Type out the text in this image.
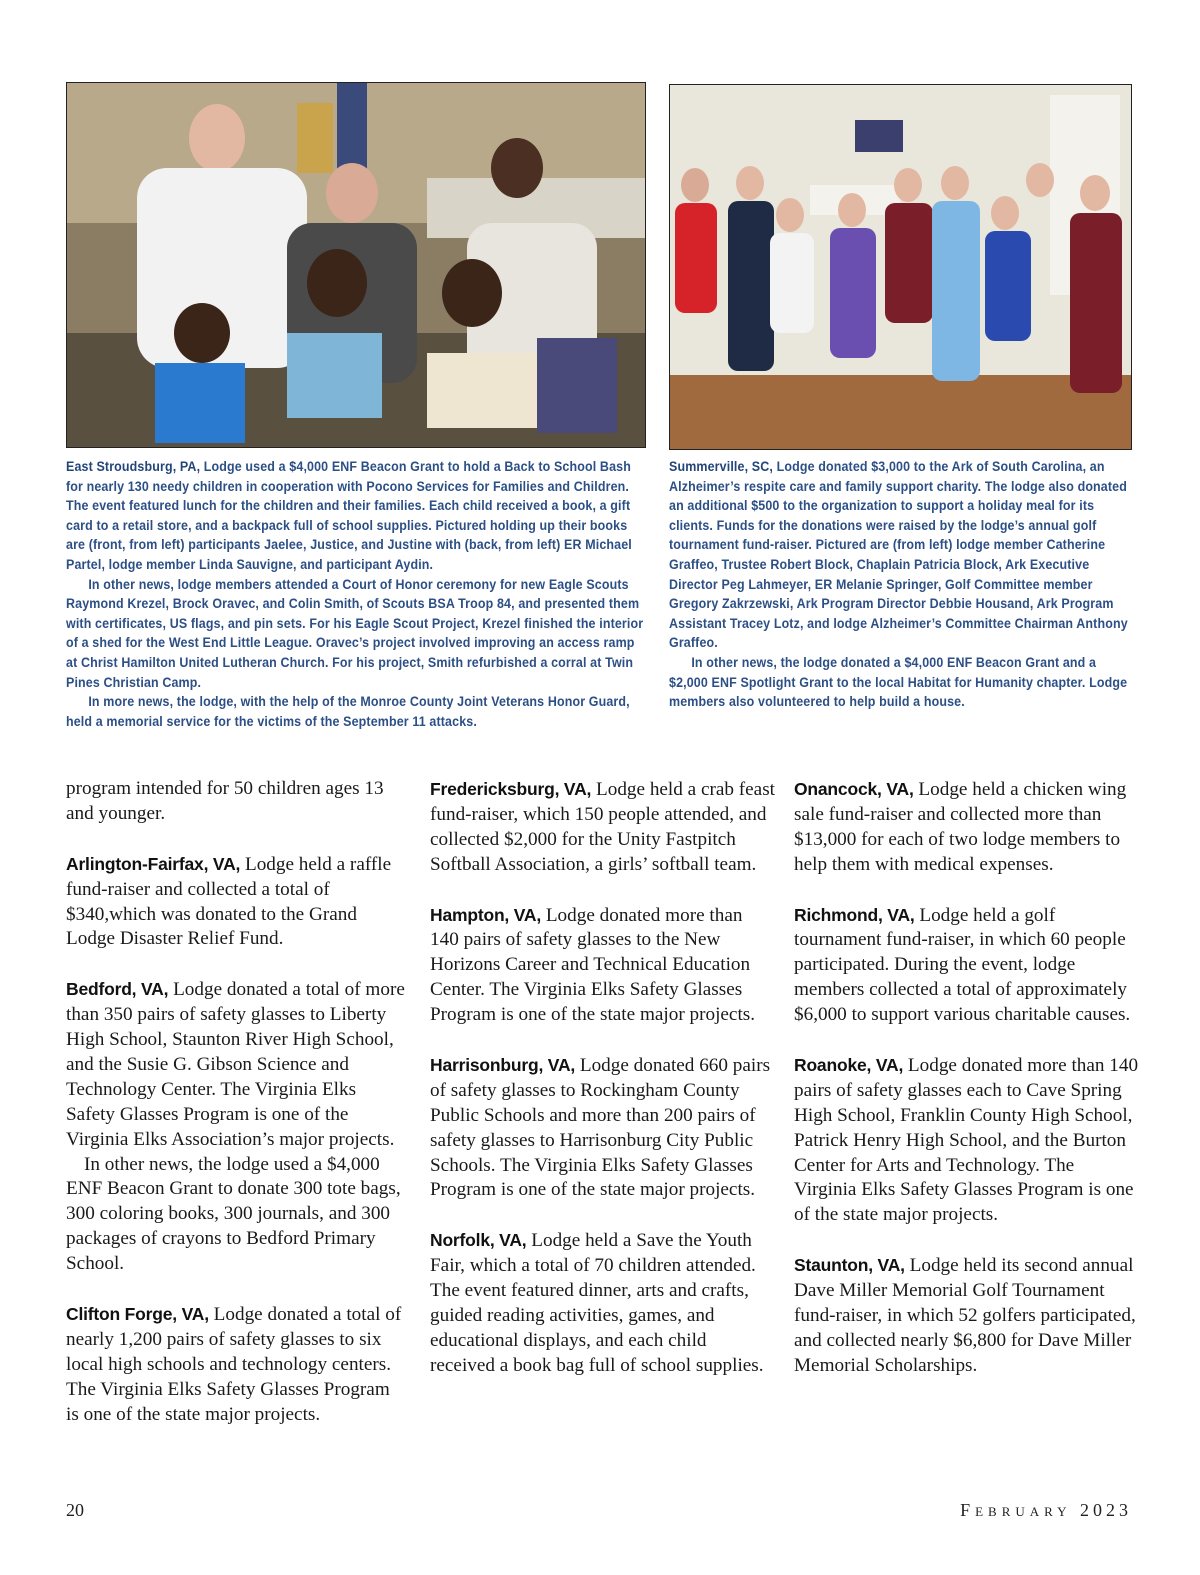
East Stroudsburg, PA, Lodge used a $4,000 ENF Beacon Grant to hold a Back to School Bash for nearly 130 needy children in cooperation with Pocono Services for Families and Children. The event featured lunch for the children and their families. Each child received a book, a gift card to a retail store, and a backpack full of school supplies. Pictured holding up their books are (front, from left) participants Jaelee, Justice, and Justine with (back, from left) ER Michael Partel, lodge member Linda Sauvigne, and participant Aydin.

In other news, lodge members attended a Court of Honor ceremony for new Eagle Scouts Raymond Krezel, Brock Oravec, and Colin Smith, of Scouts BSA Troop 84, and presented them with certificates, US flags, and pin sets. For his Eagle Scout Project, Krezel finished the interior of a shed for the West End Little League. Oravec’s project involved improving an access ramp at Christ Hamilton United Lutheran Church. For his project, Smith refurbished a corral at Twin Pines Christian Camp.

In more news, the lodge, with the help of the Monroe County Joint Veterans Honor Guard, held a memorial service for the victims of the September 11 attacks.

Summerville, SC, Lodge donated $3,000 to the Ark of South Carolina, an Alzheimer’s respite care and family support charity. The lodge also donated an additional $500 to the organization to support a holiday meal for its clients. Funds for the donations were raised by the lodge’s annual golf tournament fund-raiser. Pictured are (from left) lodge member Catherine Graffeo, Trustee Robert Block, Chaplain Patricia Block, Ark Executive Director Peg Lahmeyer, ER Melanie Springer, Golf Committee member Gregory Zakrzewski, Ark Program Director Debbie Housand, Ark Program Assistant Tracey Lotz, and lodge Alzheimer’s Committee Chairman Anthony Graffeo.

In other news, the lodge donated a $4,000 ENF Beacon Grant and a $2,000 ENF Spotlight Grant to the local Habitat for Humanity chapter. Lodge members also volunteered to help build a house.

program intended for 50 children ages 13 and younger.

Arlington-Fairfax, VA, Lodge held a raffle fund-raiser and collected a total of $340,which was donated to the Grand Lodge Disaster Relief Fund.

Bedford, VA, Lodge donated a total of more than 350 pairs of safety glasses to Liberty High School, Staunton River High School, and the Susie G. Gibson Science and Technology Center. The Virginia Elks Safety Glasses Program is one of the Virginia Elks Association’s major projects.

In other news, the lodge used a $4,000 ENF Beacon Grant to donate 300 tote bags, 300 coloring books, 300 journals, and 300 packages of crayons to Bedford Primary School.

Clifton Forge, VA, Lodge donated a total of nearly 1,200 pairs of safety glasses to six local high schools and technology centers. The Virginia Elks Safety Glasses Program is one of the state major projects.

Fredericksburg, VA, Lodge held a crab feast fund-raiser, which 150 people attended, and collected $2,000 for the Unity Fastpitch Softball Association, a girls’ softball team.

Hampton, VA, Lodge donated more than 140 pairs of safety glasses to the New Horizons Career and Technical Education Center. The Virginia Elks Safety Glasses Program is one of the state major projects.

Harrisonburg, VA, Lodge donated 660 pairs of safety glasses to Rockingham County Public Schools and more than 200 pairs of safety glasses to Harrisonburg City Public Schools. The Virginia Elks Safety Glasses Program is one of the state major projects.

Norfolk, VA, Lodge held a Save the Youth Fair, which a total of 70 children attended. The event featured dinner, arts and crafts, guided reading activities, games, and educational displays, and each child received a book bag full of school supplies.

Onancock, VA, Lodge held a chicken wing sale fund-raiser and collected more than $13,000 for each of two lodge members to help them with medical expenses.

Richmond, VA, Lodge held a golf tournament fund-raiser, in which 60 people participated. During the event, lodge members collected a total of approximately $6,000 to support various charitable causes.

Roanoke, VA, Lodge donated more than 140 pairs of safety glasses each to Cave Spring High School, Franklin County High School, Patrick Henry High School, and the Burton Center for Arts and Technology. The Virginia Elks Safety Glasses Program is one of the state major projects.

Staunton, VA, Lodge held its second annual Dave Miller Memorial Golf Tournament fund-raiser, in which 52 golfers participated, and collected nearly $6,800 for Dave Miller Memorial Scholarships.

20	February 2023
